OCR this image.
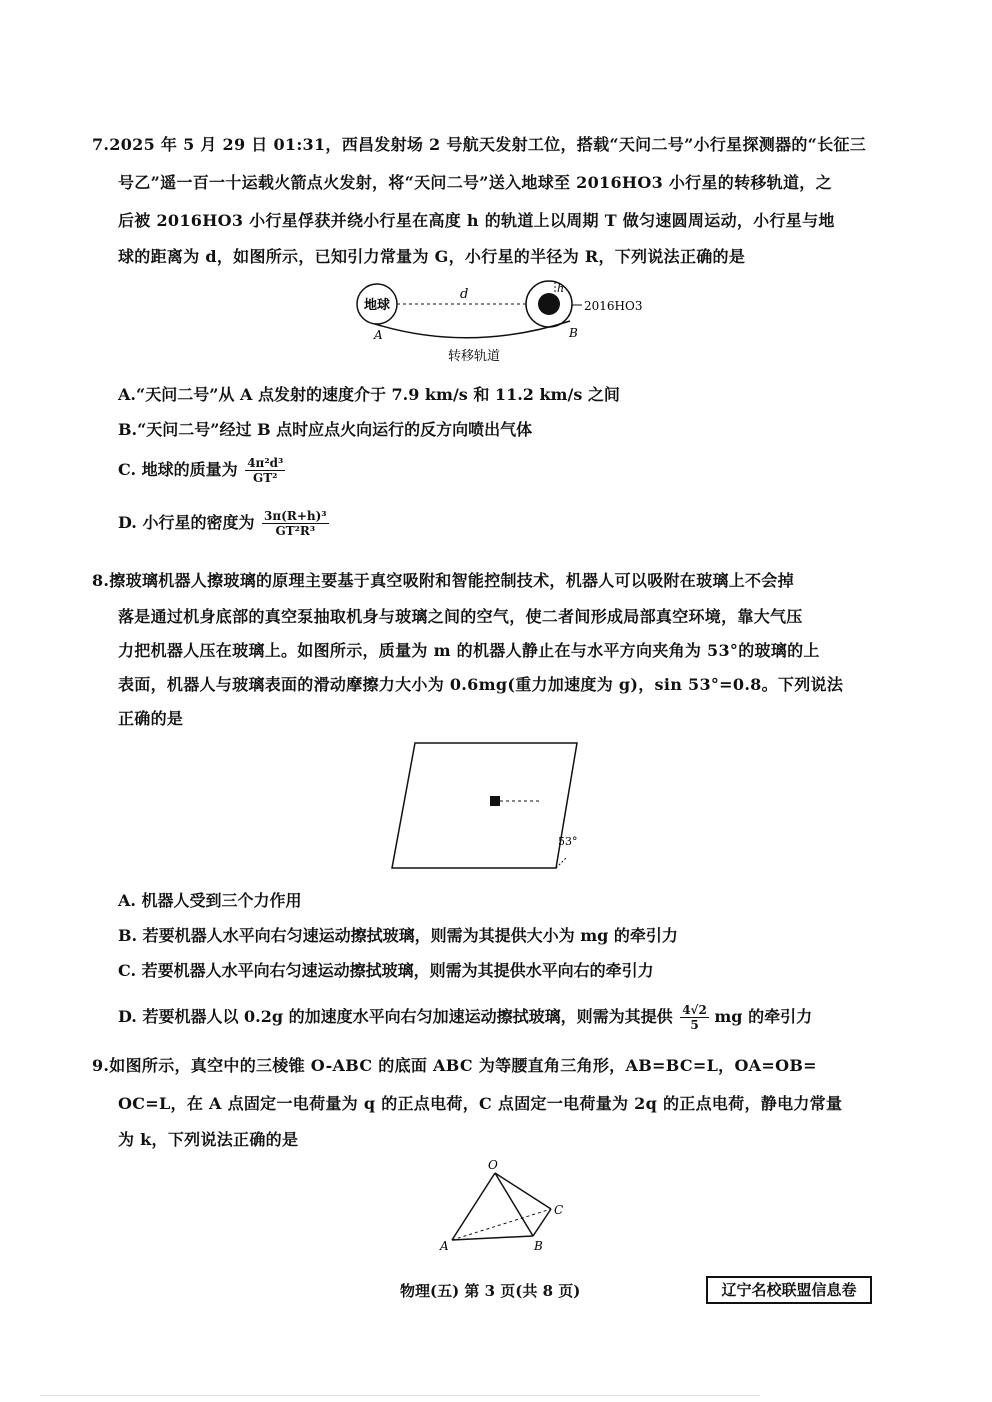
7.2025 年 5 月 29 日 01:31，西昌发射场 2 号航天发射工位，搭载“天问二号”小行星探测器的“长征三
号乙”遥一百一十运载火箭点火发射，将“天问二号”送入地球至 2016HO3 小行星的转移轨道，之
后被 2016HO3 小行星俘获并绕小行星在高度 h 的轨道上以周期 T 做匀速圆周运动，小行星与地
球的距离为 d，如图所示，已知引力常量为 G，小行星的半径为 R，下列说法正确的是
地球
d	h
2016HO3
A	B
转移轨道
A.“天问二号”从 A 点发射的速度介于 7.9 km/s 和 11.2 km/s 之间
B.“天问二号”经过 B 点时应点火向运行的反方向喷出气体
C. 地球的质量为 $\frac{\text{4π²d³}}{\text{GT²}}$
D. 小行星的密度为 $\frac{\text{3π(R+h)³}}{\text{GT²R³}}$
8.擦玻璃机器人擦玻璃的原理主要基于真空吸附和智能控制技术，机器人可以吸附在玻璃上不会掉
落是通过机身底部的真空泵抽取机身与玻璃之间的空气，使二者间形成局部真空环境，靠大气压
力把机器人压在玻璃上。如图所示，质量为 m 的机器人静止在与水平方向夹角为 53°的玻璃的上
表面，机器人与玻璃表面的滑动摩擦力大小为 0.6mg(重力加速度为 g)，sin 53°=0.8。下列说法
正确的是
53°
A. 机器人受到三个力作用
B. 若要机器人水平向右匀速运动擦拭玻璃，则需为其提供大小为 mg 的牵引力
C. 若要机器人水平向右匀速运动擦拭玻璃，则需为其提供水平向右的牵引力
D. 若要机器人以 0.2g 的加速度水平向右匀加速运动擦拭玻璃，则需为其提供 $\frac{4√2}{5}$ mg 的牵引力
9.如图所示，真空中的三棱锥 O-ABC 的底面 ABC 为等腰直角三角形，AB=BC=L，OA=OB=
OC=L，在 A 点固定一电荷量为 q 的正点电荷，C 点固定一电荷量为 2q 的正点电荷，静电力常量
为 k，下列说法正确的是
O
A	B
C
物理(五) 第 3 页(共 8 页)	辽宁名校联盟信息卷
